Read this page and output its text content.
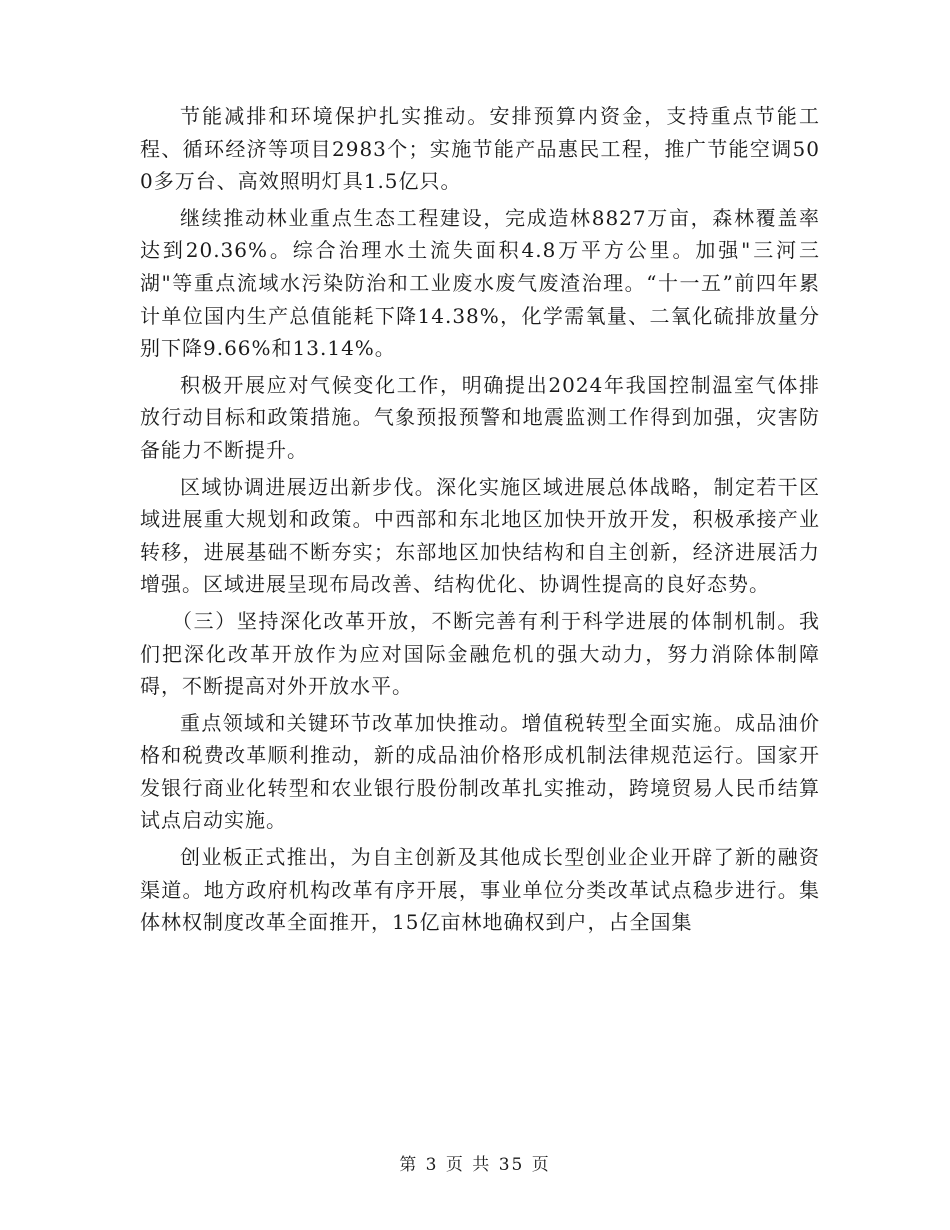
节能减排和环境保护扎实推动。安排预算内资金，支持重点节能工程、循环经济等项目2983个；实施节能产品惠民工程，推广节能空调500多万台、高效照明灯具1.5亿只。

继续推动林业重点生态工程建设，完成造林8827万亩，森林覆盖率达到20.36%。综合治理水土流失面积4.8万平方公里。加强"三河三湖"等重点流域水污染防治和工业废水废气废渣治理。“十一五”前四年累计单位国内生产总值能耗下降14.38%，化学需氧量、二氧化硫排放量分别下降9.66%和13.14%。

积极开展应对气候变化工作，明确提出2024年我国控制温室气体排放行动目标和政策措施。气象预报预警和地震监测工作得到加强，灾害防备能力不断提升。

区域协调进展迈出新步伐。深化实施区域进展总体战略，制定若干区域进展重大规划和政策。中西部和东北地区加快开放开发，积极承接产业转移，进展基础不断夯实；东部地区加快结构和自主创新，经济进展活力增强。区域进展呈现布局改善、结构优化、协调性提高的良好态势。

（三）坚持深化改革开放，不断完善有利于科学进展的体制机制。我们把深化改革开放作为应对国际金融危机的强大动力，努力消除体制障碍，不断提高对外开放水平。

重点领域和关键环节改革加快推动。增值税转型全面实施。成品油价格和税费改革顺利推动，新的成品油价格形成机制法律规范运行。国家开发银行商业化转型和农业银行股份制改革扎实推动，跨境贸易人民币结算试点启动实施。

创业板正式推出，为自主创新及其他成长型创业企业开辟了新的融资渠道。地方政府机构改革有序开展，事业单位分类改革试点稳步进行。集体林权制度改革全面推开，15亿亩林地确权到户，占全国集

第 3 页 共 35 页
